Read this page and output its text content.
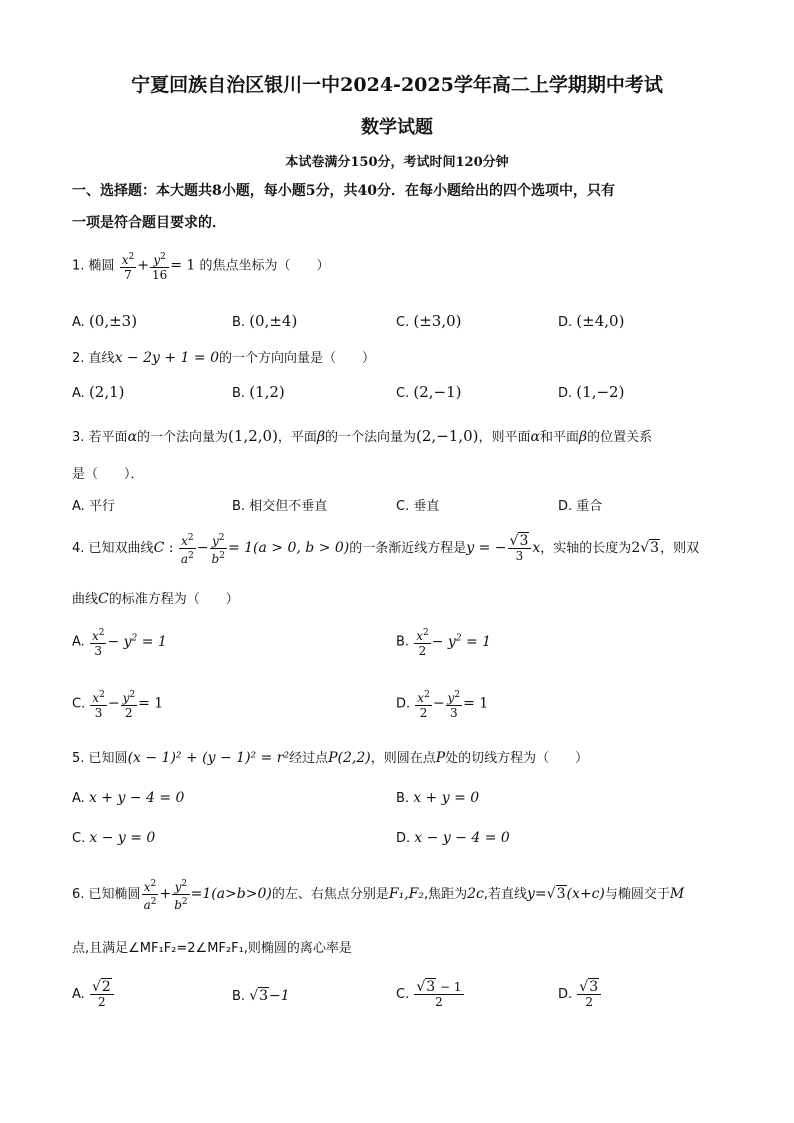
宁夏回族自治区银川一中2024-2025学年高二上学期期中考试
数学试题
本试卷满分150分，考试时间120分钟
一、选择题：本大题共8小题，每小题5分，共40分．在每小题给出的四个选项中，只有
一项是符合题目要求的．
1. 椭圆 $\frac{x^2}{7} + \frac{y^2}{16} = 1$ 的焦点坐标为（　　）
A. (0,±3)	B. (0,±4)	C. (±3,0)	D. (±4,0)
2. 直线x − 2y + 1 = 0的一个方向向量是（　　）
A. (2,1)	B. (1,2)	C. (2,−1)	D. (1,−2)
3. 若平面α的一个法向量为(1,2,0)，平面β的一个法向量为(2,−1,0)，则平面α和平面β的位置关系
是（　　）．
A. 平行	B. 相交但不垂直	C. 垂直	D. 重合
4. 已知双曲线C : $\frac{x^2}{a^2} - \frac{y^2}{b^2} = 1(a > 0$, b > 0)的一条渐近线方程是y = − $\frac{√3}{3}$ x，实轴的长度为2√3，则双
曲线C的标准方程为（　　）
A. $\frac{x^2}{3} - y^2 = 1$	B. $\frac{x^2}{2} - y^2 = 1$
C. $\frac{x^2}{3} - \frac{y^2}{2} = 1$	D. $\frac{x^2}{2} - \frac{y^2}{3} = 1$
5. 已知圆(x − 1)² + (y − 1)² = r²经过点P(2,2)，则圆在点P处的切线方程为（　　）
A. x + y − 4 = 0	B. x + y = 0
C. x − y = 0	D. x − y − 4 = 0
6. 已知椭圆 $\frac{x^2}{a^2} + \frac{y^2}{b^2} =1(a>b>0)$的左、右焦点分别是F₁,F₂,焦距为2c,若直线y=√3(x+c)与椭圆交于M
点,且满足∠MF₁F₂=2∠MF₂F₁,则椭圆的离心率是
A. $\frac{√2}{2}$	B. √3−1	C. $\frac{√3 - 1}{2}$	D. $\frac{√3}{2}$
